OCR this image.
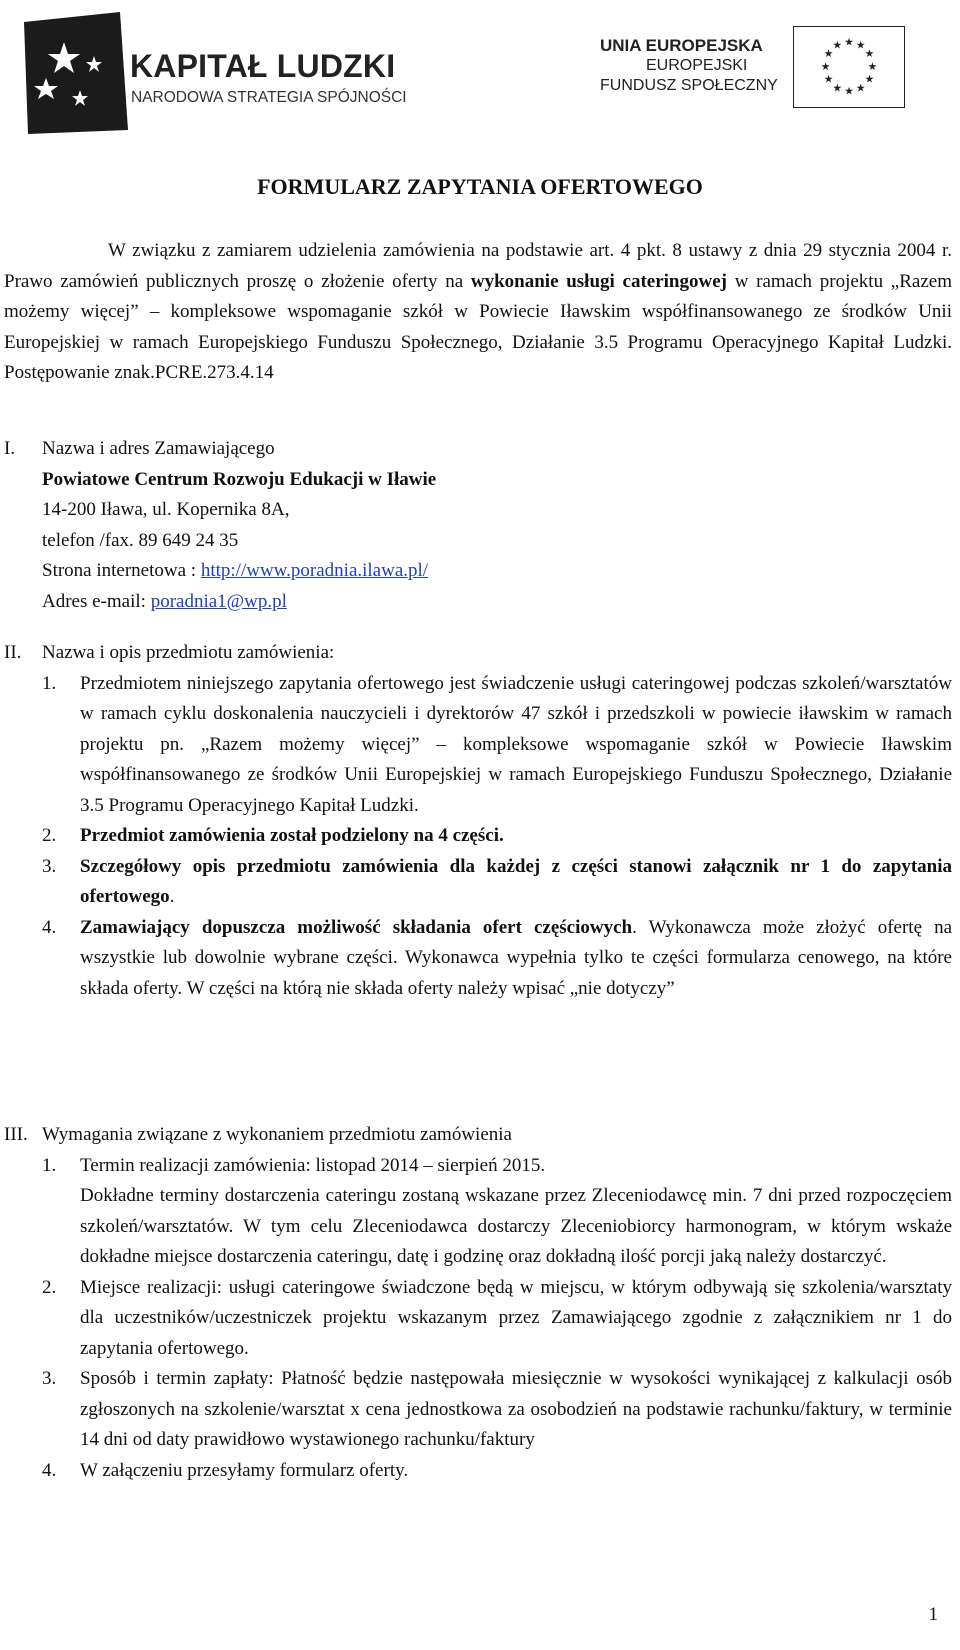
KAPITAŁ LUDZKI
NARODOWA STRATEGIA SPÓJNOŚCI
UNIA EUROPEJSKA
EUROPEJSKI
FUNDUSZ SPOŁECZNY
★ ★
★
★
★
★
★
★
★
★
★
★
FORMULARZ ZAPYTANIA OFERTOWEGO
W związku z zamiarem udzielenia zamówienia na podstawie art. 4 pkt. 8 ustawy z dnia 29 stycznia 2004 r. Prawo zamówień publicznych proszę o złożenie oferty na wykonanie usługi cateringowej w ramach projektu „Razem możemy więcej” – kompleksowe wspomaganie szkół w Powiecie Iławskim współfinansowanego ze środków Unii Europejskiej w ramach Europejskiego Funduszu Społecznego, Działanie 3.5 Programu Operacyjnego Kapitał Ludzki. Postępowanie znak.PCRE.273.4.14
I.	Nazwa i adres Zamawiającego
Powiatowe Centrum Rozwoju Edukacji w Iławie
14-200 Iława, ul. Kopernika 8A,
telefon /fax. 89 649 24 35
Strona internetowa : http://www.poradnia.ilawa.pl/
Adres e-mail: poradnia1@wp.pl
II.	Nazwa i opis przedmiotu zamówienia:
1. Przedmiotem niniejszego zapytania ofertowego jest świadczenie usługi cateringowej podczas szkoleń/warsztatów w ramach cyklu doskonalenia nauczycieli i dyrektorów 47 szkół i przedszkoli w powiecie iławskim w ramach projektu pn. „Razem możemy więcej” – kompleksowe wspomaganie szkół w Powiecie Iławskim współfinansowanego ze środków Unii Europejskiej w ramach Europejskiego Funduszu Społecznego, Działanie 3.5 Programu Operacyjnego Kapitał Ludzki.
2. Przedmiot zamówienia został podzielony na 4 części.
3. Szczegółowy opis przedmiotu zamówienia dla każdej z części stanowi załącznik nr 1 do zapytania ofertowego.
4. Zamawiający dopuszcza możliwość składania ofert częściowych. Wykonawcza może złożyć ofertę na wszystkie lub dowolnie wybrane części. Wykonawca wypełnia tylko te części formularza cenowego, na które składa oferty. W części na którą nie składa oferty należy wpisać „nie dotyczy”
III. Wymagania związane z wykonaniem przedmiotu zamówienia
1. Termin realizacji zamówienia: listopad 2014 – sierpień 2015.
Dokładne terminy dostarczenia cateringu zostaną wskazane przez Zleceniodawcę min. 7 dni przed rozpoczęciem szkoleń/warsztatów. W tym celu Zleceniodawca dostarczy Zleceniobiorcy harmonogram, w którym wskaże dokładne miejsce dostarczenia cateringu, datę i godzinę oraz dokładną ilość porcji jaką należy dostarczyć.
2. Miejsce realizacji: usługi cateringowe świadczone będą w miejscu, w którym odbywają się szkolenia/warsztaty dla uczestników/uczestniczek projektu wskazanym przez Zamawiającego zgodnie z załącznikiem nr 1 do zapytania ofertowego.
3. Sposób i termin zapłaty: Płatność będzie następowała miesięcznie w wysokości wynikającej z kalkulacji osób zgłoszonych na szkolenie/warsztat x cena jednostkowa za osobodzień na podstawie rachunku/faktury, w terminie 14 dni od daty prawidłowo wystawionego rachunku/faktury
4. W załączeniu przesyłamy formularz oferty.
1
